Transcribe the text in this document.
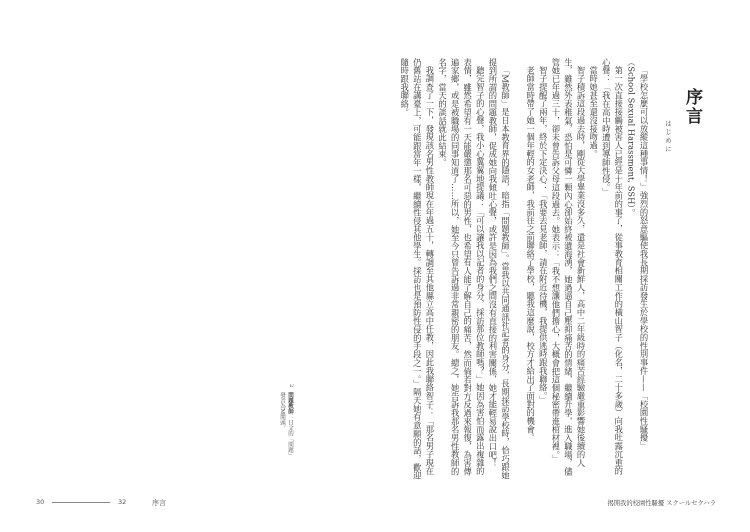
序言
はじめに

「學校怎麼可以放縱這種事情！」強烈的怒意驅使我長期採訪發生於學校的性別事件——「校園性騷擾」（School Sexual Harassment, SSH）。

第一次直接接觸被害人已經是十年前的事了，從事教育相關工作的橫山智子（化名，二十多歲）向我吐露沉重的心聲：「我在高中時遭到導師性侵。」

當時她甚至還沒接吻過。

智子積訴這段過去時，剛從大學畢業沒多久，還是社會新鮮人，高中二年級時的痛苦經驗嚴重影響她後續的人生，雖然外表稚氣，恐怕是可憐一顆內心卻始終被遺海湧，她過逼自己壓抑痛苦的情緒，繼續升學，進入職場，儘管她已年過三十，卻未曾告訴父母這段過去。她表示：「我不想讓他們擔心，大概會把這個秘密帶進棺材裡。」

智子提醒了兩年，終於下定決心：「我要去見老師，請在附近待機，我提供逃時跟我聯絡。」

老師當時帶了她一個年輕的女老師，我前往之前聯絡了學校，聽我這麼說，校方才給出了面對的機會。

「M教師」是日本教育界的隱語，暗指「問題教師」。當我以共同通訊社記者的身分，長期採訪學校時，恰巧跟她提到所謂的問題教師，促成她向我傾吐心聲，或許是因為我們之間沒有直接的利害關係，她才能輕易說出口吧！

聽完智子的心聲，我小心翼翼地提議：「可以讓我以記者的身分，採訪那位教師嗎？」她因為害怕而露出複雜的表情，雖然希望有一天能嚴懲那名可惡的男性，也希望有人能了解自己的痛苦，然而倘若對方反過來報復，為害傳遍家鄉，或是被職場的同事知道了……所以，她至今只曾告訴過非常親密的朋友。總之，她告訴我那名男性教師的名字，當天的談話就此結束。

我調查了一下，發現該名男性教師現在年過五十，轉調至其他縣立高中任教，因此我聯絡智子：「那名男子現在仍舊站在講臺上，可能跟當年一樣，繼續性侵其他學生。採訪也是預防性侵的手段之一。」隔天她有意願的話，歡迎隨時跟我聯絡。

2
問題教師：日文的「問題」發音為M開頭。
30	32	序言	揭開我的校園性騷擾 スクールセクハラ
